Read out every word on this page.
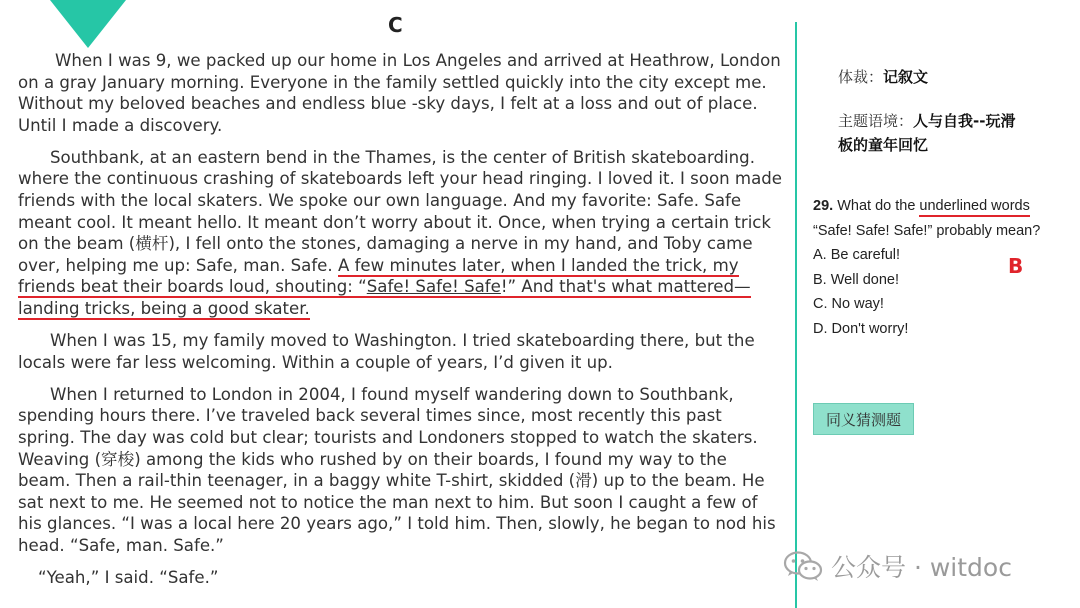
C

When I was 9, we packed up our home in Los Angeles and arrived at Heathrow, London on a gray January morning. Everyone in the family settled quickly into the city except me. Without my beloved beaches and endless blue -sky days, I felt at a loss and out of place. Until I made a discovery.

Southbank, at an eastern bend in the Thames, is the center of British skateboarding. where the continuous crashing of skateboards left your head ringing. I loved it. I soon made friends with the local skaters. We spoke our own language. And my favorite: Safe. Safe meant cool. It meant hello. It meant don’t worry about it. Once, when trying a certain trick on the beam (横杆), I fell onto the stones, damaging a nerve in my hand, and Toby came over, helping me up: Safe, man. Safe. A few minutes later, when I landed the trick, my friends beat their boards loud, shouting: “Safe! Safe! Safe!” And that's what mattered—landing tricks, being a good skater.

When I was 15, my family moved to Washington. I tried skateboarding there, but the locals were far less welcoming. Within a couple of years, I’d given it up.

When I returned to London in 2004, I found myself wandering down to Southbank, spending hours there. I’ve traveled back several times since, most recently this past spring. The day was cold but clear; tourists and Londoners stopped to watch the skaters. Weaving (穿梭) among the kids who rushed by on their boards, I found my way to the beam. Then a rail-thin teenager, in a baggy white T-shirt, skidded (滑) up to the beam. He sat next to me. He seemed not to notice the man next to him. But soon I caught a few of his glances. “I was a local here 20 years ago,” I told him. Then, slowly, he began to nod his head. “Safe, man. Safe.”

“Yeah,” I said. “Safe.”

体裁：记叙文
主题语境：人与自我--玩滑
板的童年回忆
29. What do the underlined words “Safe! Safe! Safe!” probably mean?
A. Be careful!
B. Well done!
C. No way!
D. Don't worry!
B
同义猜测题
公众号 · witdoc
